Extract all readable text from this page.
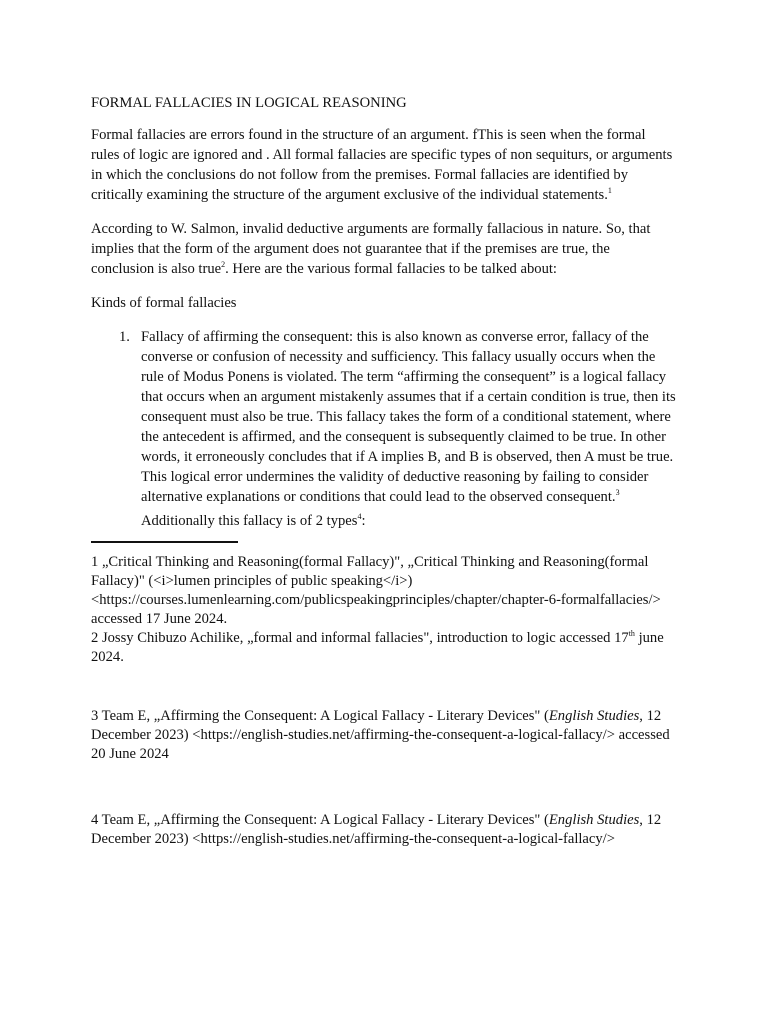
FORMAL FALLACIES IN LOGICAL REASONING

Formal fallacies are errors found in the structure of an argument. fThis is seen when the formal rules of logic are ignored and . All formal fallacies are specific types of non sequiturs, or arguments in which the conclusions do not follow from the premises. Formal fallacies are identified by critically examining the structure of the argument exclusive of the individual statements.$^1$

According to W. Salmon, invalid deductive arguments are formally fallacious in nature. So, that implies that the form of the argument does not guarantee that if the premises are true, the conclusion is also true$^2$. Here are the various formal fallacies to be talked about:

Kinds of formal fallacies

1. Fallacy of affirming the consequent: this is also known as converse error, fallacy of the converse or confusion of necessity and sufficiency. This fallacy usually occurs when the rule of Modus Ponens is violated. The term “affirming the consequent” is a logical fallacy that occurs when an argument mistakenly assumes that if a certain condition is true, then its consequent must also be true. This fallacy takes the form of a conditional statement, where the antecedent is affirmed, and the consequent is subsequently claimed to be true. In other words, it erroneously concludes that if A implies B, and B is observed, then A must be true. This logical error undermines the validity of deductive reasoning by failing to consider alternative explanations or conditions that could lead to the observed consequent.$^3$

Additionally this fallacy is of 2 types$^4$:

1 „Critical Thinking and Reasoning(formal Fallacy)", „Critical Thinking and Reasoning(formal Fallacy)" (<i>lumen principles of public speaking</i>) <https://courses.lumenlearning.com/publicspeakingprinciples/chapter/chapter-6-formalfallacies/> accessed 17 June 2024.

2 Jossy Chibuzo Achilike, „formal and informal fallacies", introduction to logic accessed 17th june 2024.

3 Team E, „Affirming the Consequent: A Logical Fallacy - Literary Devices" (English Studies, 12 December 2023) <https://english-studies.net/affirming-the-consequent-a-logical-fallacy/> accessed 20 June 2024

4 Team E, „Affirming the Consequent: A Logical Fallacy - Literary Devices" (English Studies, 12 December 2023) <https://english-studies.net/affirming-the-consequent-a-logical-fallacy/>
